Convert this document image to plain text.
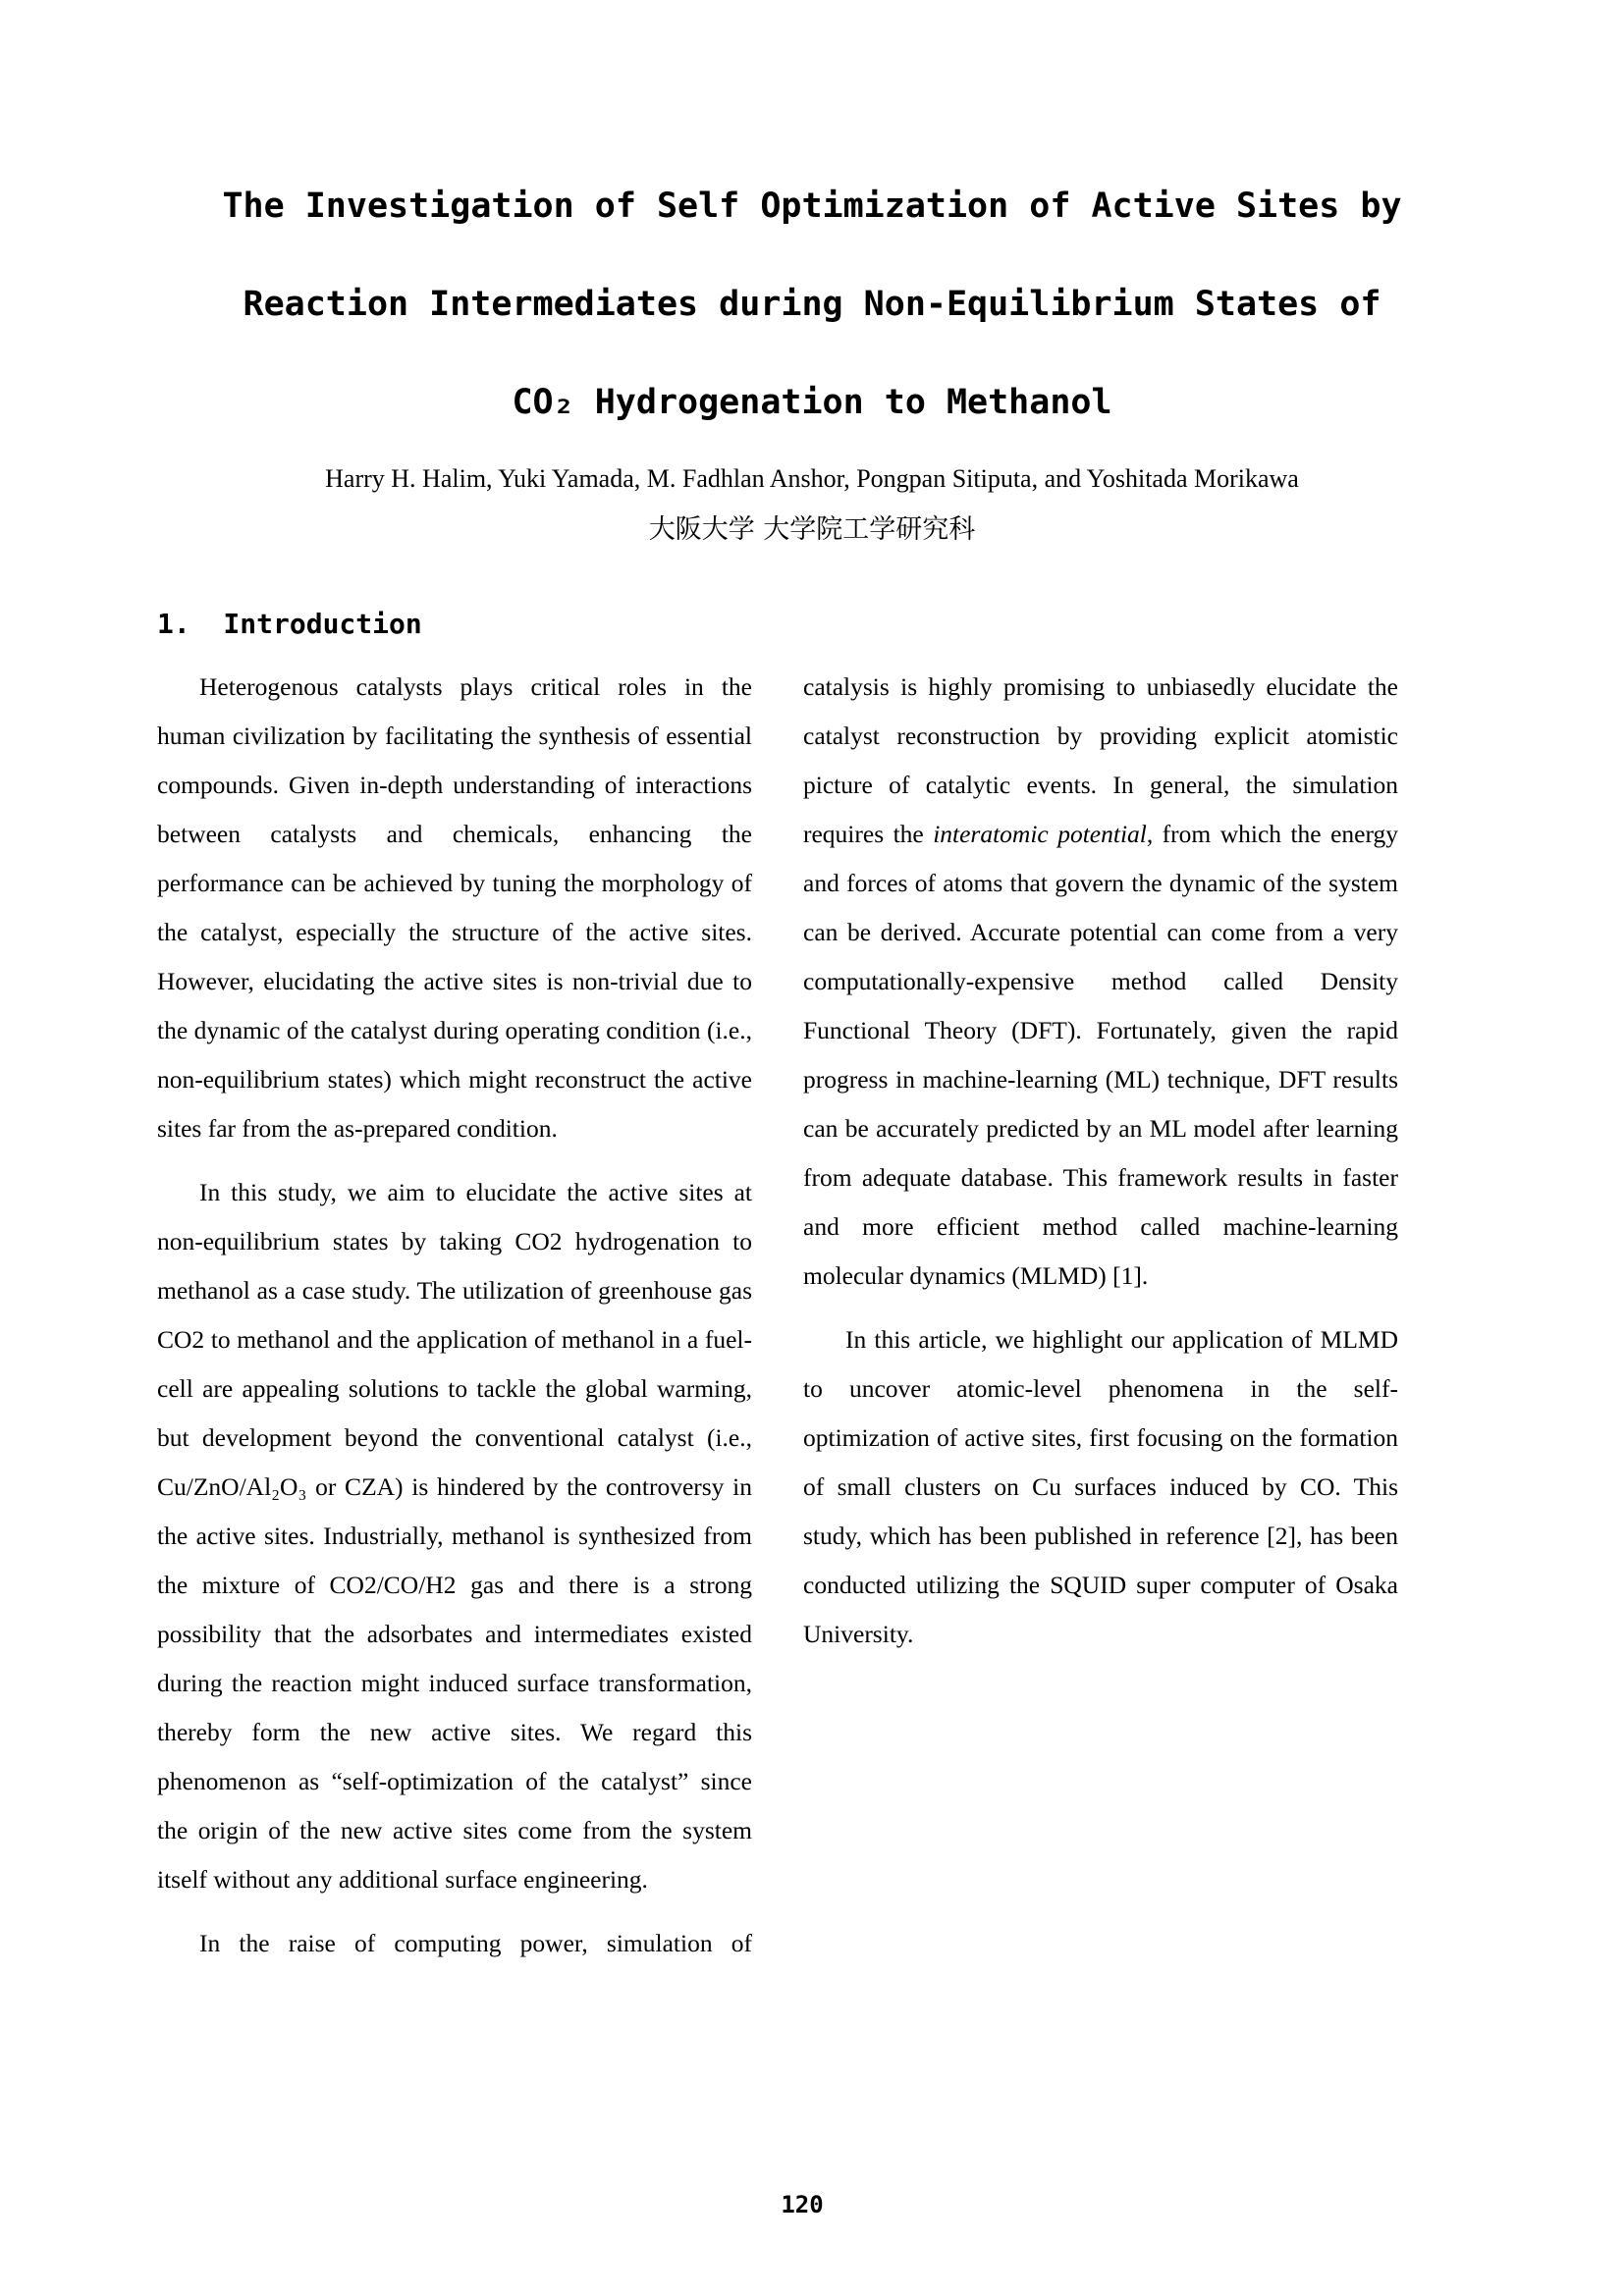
The Investigation of Self Optimization of Active Sites by
Reaction Intermediates during Non-Equilibrium States of
CO₂ Hydrogenation to Methanol
Harry H. Halim, Yuki Yamada, M. Fadhlan Anshor, Pongpan Sitiputa, and Yoshitada Morikawa
大阪大学 大学院工学研究科
1.  Introduction

Heterogenous catalysts plays critical roles in the human civilization by facilitating the synthesis of essential compounds. Given in-depth understanding of interactions between catalysts and chemicals, enhancing the performance can be achieved by tuning the morphology of the catalyst, especially the structure of the active sites. However, elucidating the active sites is non-trivial due to the dynamic of the catalyst during operating condition (i.e., non-equilibrium states) which might reconstruct the active sites far from the as-prepared condition.

In this study, we aim to elucidate the active sites at non-equilibrium states by taking CO2 hydrogenation to methanol as a case study. The utilization of greenhouse gas CO2 to methanol and the application of methanol in a fuel-cell are appealing solutions to tackle the global warming, but development beyond the conventional catalyst (i.e., Cu/ZnO/Al₂O₃ or CZA) is hindered by the controversy in the active sites. Industrially, methanol is synthesized from the mixture of CO2/CO/H2 gas and there is a strong possibility that the adsorbates and intermediates existed during the reaction might induced surface transformation, thereby form the new active sites. We regard this phenomenon as “self-optimization of the catalyst” since the origin of the new active sites come from the system itself without any additional surface engineering.

In the raise of computing power, simulation of

catalysis is highly promising to unbiasedly elucidate the catalyst reconstruction by providing explicit atomistic picture of catalytic events. In general, the simulation requires the interatomic potential, from which the energy and forces of atoms that govern the dynamic of the system can be derived. Accurate potential can come from a very computationally-expensive method called Density Functional Theory (DFT). Fortunately, given the rapid progress in machine-learning (ML) technique, DFT results can be accurately predicted by an ML model after learning from adequate database. This framework results in faster and more efficient method called machine-learning molecular dynamics (MLMD) [1].

In this article, we highlight our application of MLMD to uncover atomic-level phenomena in the self-optimization of active sites, first focusing on the formation of small clusters on Cu surfaces induced by CO. This study, which has been published in reference [2], has been conducted utilizing the SQUID super computer of Osaka University.

120
